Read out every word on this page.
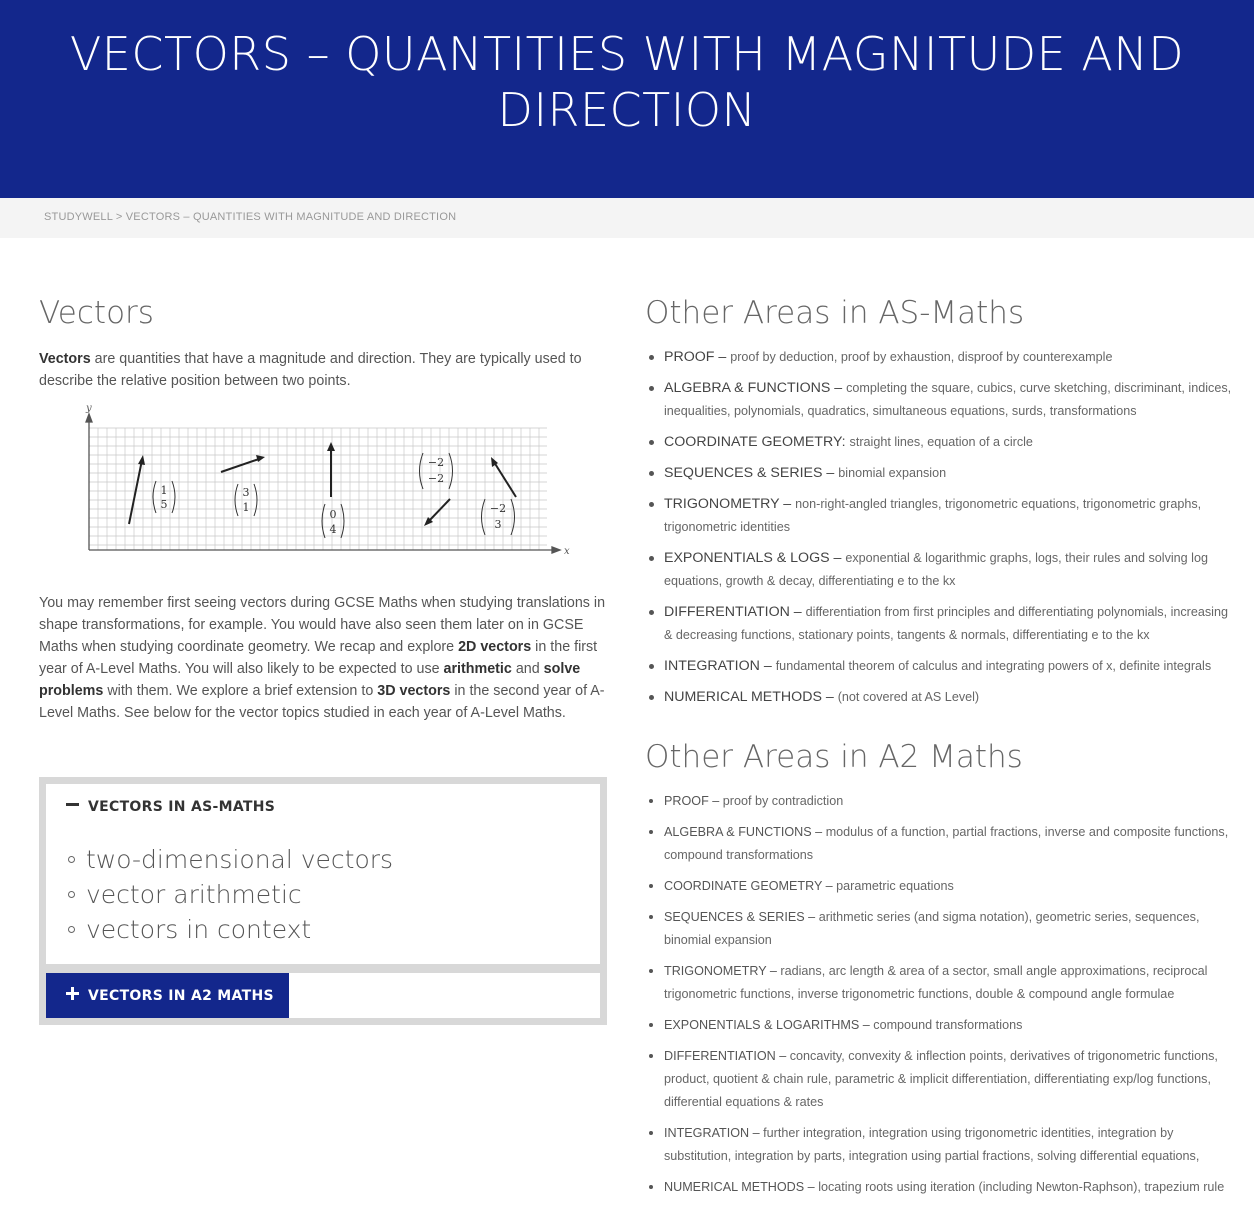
VECTORS – QUANTITIES WITH MAGNITUDE AND DIRECTION
STUDYWELL > VECTORS – QUANTITIES WITH MAGNITUDE AND DIRECTION
Vectors

Vectors are quantities that have a magnitude and direction. They are typically used to describe the relative position between two points.

You may remember first seeing vectors during GCSE Maths when studying translations in shape transformations, for example. You would have also seen them later on in GCSE Maths when studying coordinate geometry. We recap and explore 2D vectors in the first year of A-Level Maths. You will also likely to be expected to use arithmetic and solve problems with them. We explore a brief extension to 3D vectors in the second year of A-Level Maths. See below for the vector topics studied in each year of A-Level Maths.

y
x
1
5
3
1
0
4
−2
−2
−2
3
VECTORS IN AS-MATHS
two-dimensional vectors
vector arithmetic
vectors in context
VECTORS IN A2 MATHS
Other Areas in AS-Maths
PROOF – proof by deduction, proof by exhaustion, disproof by counterexample
ALGEBRA & FUNCTIONS – completing the square, cubics, curve sketching, discriminant, indices, inequalities, polynomials, quadratics, simultaneous equations, surds, transformations
COORDINATE GEOMETRY: straight lines, equation of a circle
SEQUENCES & SERIES – binomial expansion
TRIGONOMETRY – non-right-angled triangles, trigonometric equations, trigonometric graphs, trigonometric identities
EXPONENTIALS & LOGS – exponential & logarithmic graphs, logs, their rules and solving log equations, growth & decay, differentiating e to the kx
DIFFERENTIATION – differentiation from first principles and differentiating polynomials, increasing & decreasing functions, stationary points, tangents & normals, differentiating e to the kx
INTEGRATION – fundamental theorem of calculus and integrating powers of x, definite integrals
NUMERICAL METHODS – (not covered at AS Level)
Other Areas in A2 Maths
PROOF – proof by contradiction
ALGEBRA & FUNCTIONS – modulus of a function, partial fractions, inverse and composite functions, compound transformations
COORDINATE GEOMETRY – parametric equations
SEQUENCES & SERIES – arithmetic series (and sigma notation), geometric series, sequences, binomial expansion
TRIGONOMETRY – radians, arc length & area of a sector, small angle approximations, reciprocal trigonometric functions, inverse trigonometric functions, double & compound angle formulae
EXPONENTIALS & LOGARITHMS – compound transformations
DIFFERENTIATION – concavity, convexity & inflection points, derivatives of trigonometric functions, product, quotient & chain rule, parametric & implicit differentiation, differentiating exp/log functions, differential equations & rates
INTEGRATION – further integration, integration using trigonometric identities, integration by substitution, integration by parts, integration using partial fractions, solving differential equations,
NUMERICAL METHODS – locating roots using iteration (including Newton-Raphson), trapezium rule
